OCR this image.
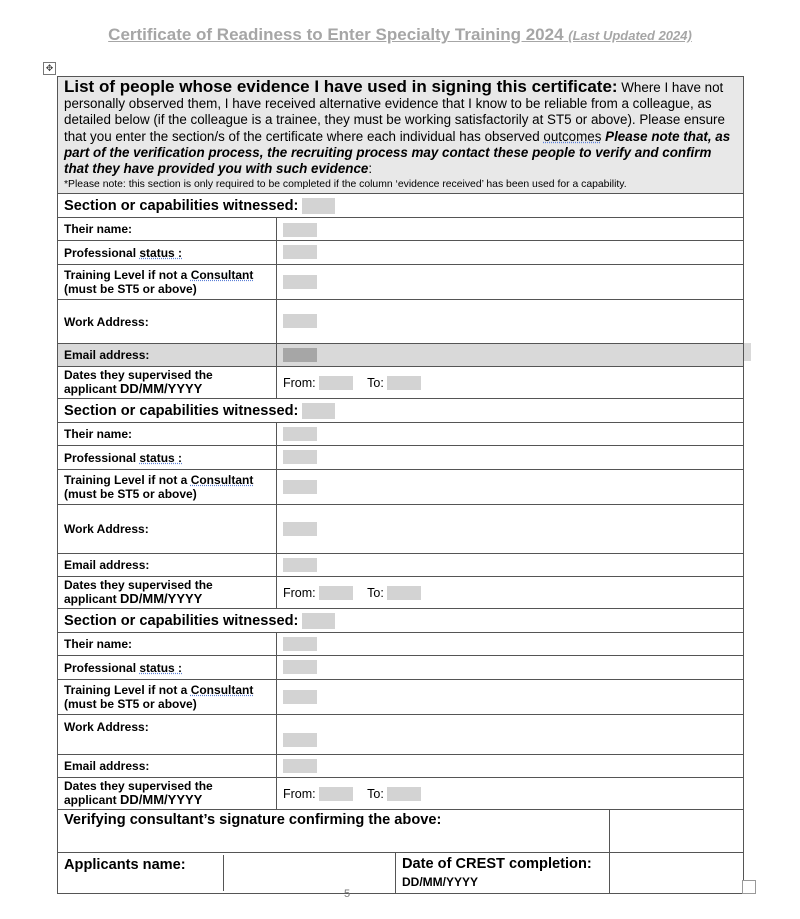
Certificate of Readiness to Enter Specialty Training 2024 (Last Updated 2024)
✥
List of people whose evidence I have used in signing this certificate: Where I have not personally observed them, I have received alternative evidence that I know to be reliable from a colleague, as detailed below (if the colleague is a trainee, they must be working satisfactorily at ST5 or above). Please ensure that you enter the section/s of the certificate where each individual has observed outcomes Please note that, as part of the verification process, the recruiting process may contact these people to verify and confirm that they have provided you with such evidence:
*Please note: this section is only required to be completed if the column ‘evidence received’ has been used for a capability.

Section or capabilities witnessed:
Their name:	
Professional status :	
Training Level if not a Consultant
(must be ST5 or above)	
Work Address:	
Email address:	
Dates they supervised the
applicant DD/MM/YYYY	From:	To:
Section or capabilities witnessed:
Their name:	
Professional status :	
Training Level if not a Consultant
(must be ST5 or above)	
Work Address:	
Email address:	
Dates they supervised the
applicant DD/MM/YYYY	From:	To:
Section or capabilities witnessed:
Their name:	
Professional status :	
Training Level if not a Consultant
(must be ST5 or above)	
Work Address:	
Email address:	
Dates they supervised the
applicant DD/MM/YYYY	From:	To:
Verifying consultant’s signature confirming the above:	

Applicants name:	
			Date of CREST completion:
DD/MM/YYYY	
5
